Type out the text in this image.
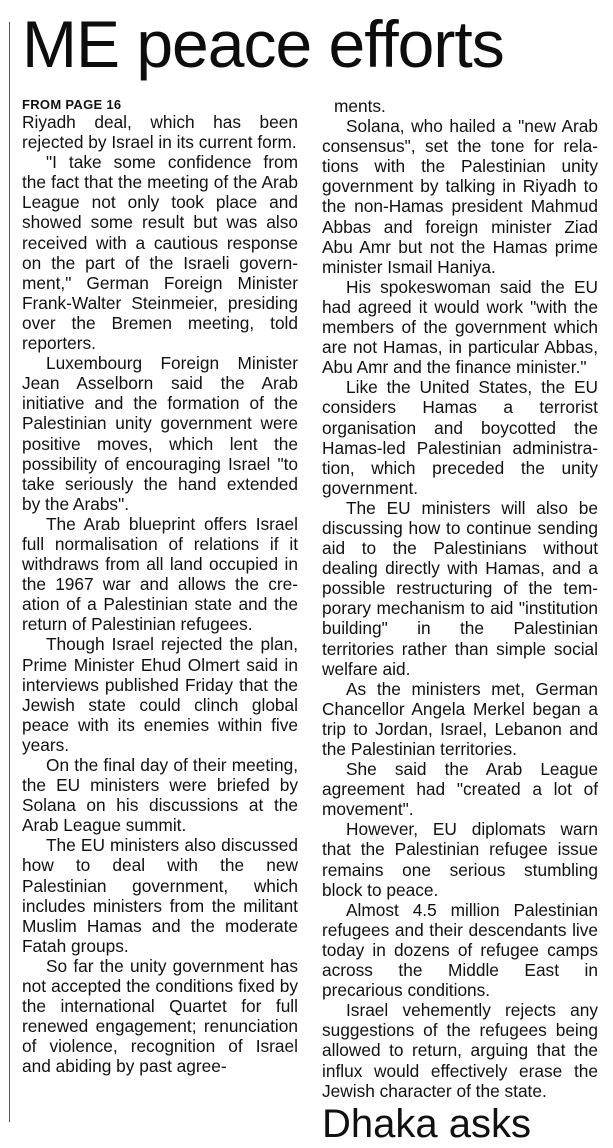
ME peace efforts
FROM PAGE 16

Riyadh deal, which has been rejected by Israel in its current form.

"I take some confidence from the fact that the meeting of the Arab League not only took place and showed some result but was also received with a cautious response on the part of the Israeli government," German Foreign Minister Frank-Walter Steinmeier, presiding over the Bremen meeting, told reporters.

Luxembourg Foreign Minister Jean Asselborn said the Arab initiative and the formation of the Palestinian unity government were positive moves, which lent the possibility of encouraging Israel "to take seriously the hand extended by the Arabs".

The Arab blueprint offers Israel full normalisation of relations if it withdraws from all land occupied in the 1967 war and allows the creation of a Palestinian state and the return of Palestinian refugees.

Though Israel rejected the plan, Prime Minister Ehud Olmert said in interviews published Friday that the Jewish state could clinch global peace with its enemies within five years.

On the final day of their meeting, the EU ministers were briefed by Solana on his discussions at the Arab League summit.

The EU ministers also discussed how to deal with the new Palestinian government, which includes ministers from the militant Muslim Hamas and the moderate Fatah groups.

So far the unity government has not accepted the conditions fixed by the international Quartet for full renewed engagement; renunciation of violence, recognition of Israel and abiding by past agree-

ments.

Solana, who hailed a "new Arab consensus", set the tone for relations with the Palestinian unity government by talking in Riyadh to the non-Hamas president Mahmud Abbas and foreign minister Ziad Abu Amr but not the Hamas prime minister Ismail Haniya.

His spokeswoman said the EU had agreed it would work "with the members of the government which are not Hamas, in particular Abbas, Abu Amr and the finance minister."

Like the United States, the EU considers Hamas a terrorist organisation and boycotted the Hamas-led Palestinian administration, which preceded the unity government.

The EU ministers will also be discussing how to continue sending aid to the Palestinians without dealing directly with Hamas, and a possible restructuring of the temporary mechanism to aid "institution building" in the Palestinian territories rather than simple social welfare aid.

As the ministers met, German Chancellor Angela Merkel began a trip to Jordan, Israel, Lebanon and the Palestinian territories.

She said the Arab League agreement had "created a lot of movement".

However, EU diplomats warn that the Palestinian refugee issue remains one serious stumbling block to peace.

Almost 4.5 million Palestinian refugees and their descendants live today in dozens of refugee camps across the Middle East in precarious conditions.

Israel vehemently rejects any suggestions of the refugees being allowed to return, arguing that the influx would effectively erase the Jewish character of the state.

Dhaka asks
